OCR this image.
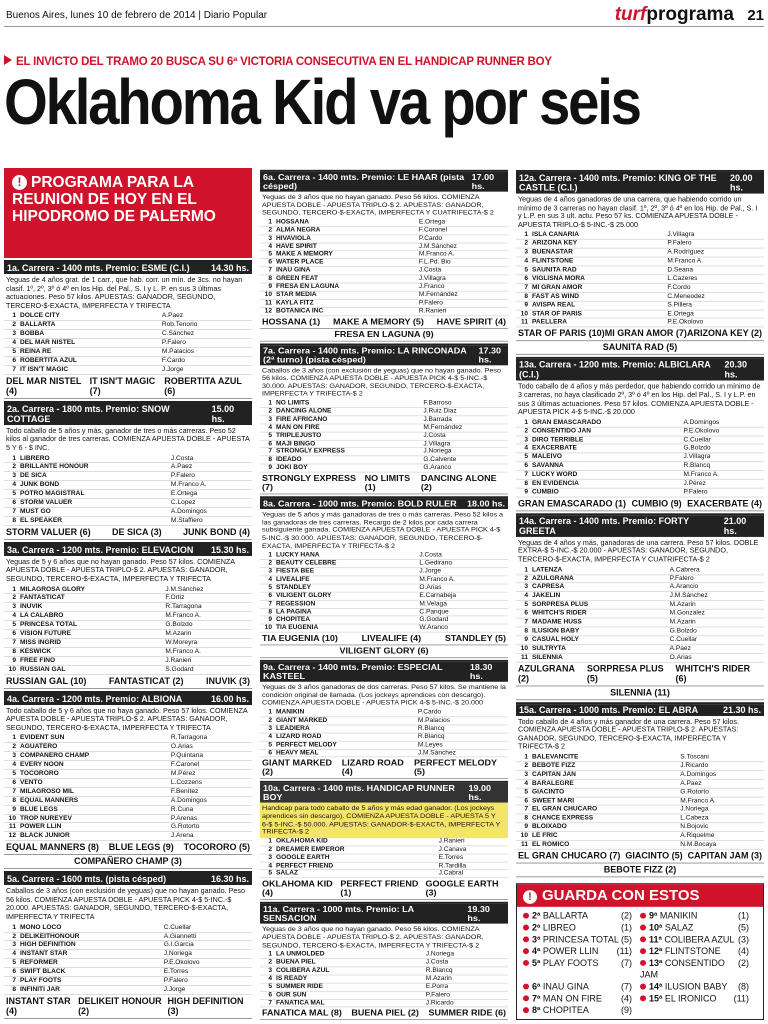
Buenos Aires, lunes 10 de febrero de 2014 | Diario Popular	turfprograma 21
EL INVICTO DEL TRAMO 20 BUSCA SU 6ª VICTORIA CONSECUTIVA EN EL HANDICAP RUNNER BOY
Oklahoma Kid va por seis
! PROGRAMA PARA LA REUNION DE HOY EN EL HIPODROMO DE PALERMO
1a. Carrera - 1400 mts. Premio: ESME (C.I.) 14.30 hs.
Yeguas de 4 años grat. de 1 carr., que hab. corr. un mín. de 3cs. no hayan clasif. 1º, 2º, 3º ó 4º en los Hip. del Pal., S. I y L. P. en sus 3 últimas actuaciones. Peso 57 kilos. APUESTAS: GANADOR, SEGUNDO, TERCERO-$-EXACTA, IMPERFECTA Y TRIFECTA
1	DOLCE CITY	A.Paez
2	BALLARTA	Rob.Tenorio
3	BOBBA	C.Sánchez
4	DEL MAR NISTEL	P.Falero
5	REINA RE	M.Palacios
6	ROBERTITA AZUL	F.Cardo
7	IT ISN'T MAGIC	J.Jorge
DEL MAR NISTEL (4)
IT ISN'T MAGIC (7)
ROBERTITA AZUL (6)
2a. Carrera - 1800 mts. Premio: SNOW COTTAGE
15.00 hs.
Todo caballo de 5 años y más, ganador de tres o más carreras. Peso 52 kilos al ganador de tres carreras. COMIENZA APUESTA DOBLE - APUESTA 5 Y 6 - $ INC.
1	LIBRERO	J.Costa
2	BRILLANTE HONOUR	A.Paez
3	DE SICA	P.Falero
4	JUNK BOND	M.Franco A.
5	POTRO MAGISTRAL	E.Ortega
6	STORM VALUER	C.Lopez
7	MUST GO	A.Domingos
8	EL SPEAKER	M.Staffiero
STORM VALUER (6) DE SICA (3) JUNK BOND (4)
3a. Carrera - 1200 mts. Premio: ELEVACION 15.30 hs.
Yeguas de 5 y 6 años que no hayan ganado. Peso 57 kilos. COMIENZA APUESTA DOBLE - APUESTA TRIPLO-$ 2. APUESTAS: GANADOR, SEGUNDO, TERCERO-$-EXACTA, IMPERFECTA Y TRIFECTA
1	MILAGROSA GLORY	J.M.Sánchez
2	FANTASTICAT	F.Ortiz
3	INUVIK	R.Tarragona
4	LA CALABRO	M.Franco A.
5	PRINCESA TOTAL	G.Bolzdo
6	VISION FUTURE	M.Azarin
7	MISS INGRID	W.Moreyra
8	KESWICK	M.Franco A.
9	FREE FINO	J.Ranieri
10	RUSSIAN GAL	S.Godard
RUSSIAN GAL (10) FANTASTICAT (2) INUVIK (3)
4a. Carrera - 1200 mts. Premio: ALBIONA	16.00 hs.
Todo caballo de 5 y 6 años que no haya ganado. Peso 57 kilos. COMIENZA APUESTA DOBLE - APUESTA TRIPLO-$ 2. APUESTAS: GANADOR, SEGUNDO, TERCERO-$-EXACTA, IMPERFECTA Y TRIFECTA
1	EVIDENT SUN	R.Tarragona
2	AGUATERO	O.Arias
3	COMPAÑERO CHAMP	P.Quintana
4	EVERY NOON	F.Caronel
5	TOCORORO	M.Pérez
6	VENTO	L.Cozzens
7	MILAGROSO MIL	F.Benítez
8	EQUAL MANNERS	A.Domingos
9	BLUE LEGS	R.Cuna
10	TROP NUREYEV	P.Arenas
11	POWER LLIN	G.Rotorto
12	BLACK JUNIOR	J.Arena
EQUAL MANNERS (8) BLUE LEGS (9) TOCORORO (5)
COMPAÑERO CHAMP (3)
5a. Carrera - 1600 mts. (pista césped)	16.30 hs.
Caballos de 3 años (con exclusión de yeguas) que no hayan ganado. Peso 56 kilos. COMIENZA APUESTA DOBLE - APUESTA PICK 4-$ 5-INC.-$ 20.000. APUESTAS: GANADOR, SEGUNDO, TERCERO-$-EXACTA, IMPERFECTA Y TRIFECTA
1	MONO LOCO	C.Cuellar
2	DELIKEITHONOUR	A.Giannetti
3	HIGH DEFINITION	G.I.Garcia
4	INSTANT STAR	J.Noriega
5	REFORMER	P.E.Okolovo
6	SWIFT BLACK	E.Torres
7	PLAY FOOTS	P.Falero
8	INFINITI JAR	J.Jorge
INSTANT STAR (4)
DELIKEIT HONOUR (2)
HIGH DEFINITION (3)
6a. Carrera - 1400 mts. Premio: LE HAAR (pista césped)
17.00 hs.
Yeguas de 3 años que no hayan ganado. Peso 56 kilos. COMIENZA APUESTA DOBLE - APUESTA TRIPLO-$ 2. APUESTAS: GANADOR, SEGUNDO, TERCERO-$-EXACTA, IMPERFECTA Y CUATRIFECTA-$ 2
1	HOSSANA	E.Ortega
2	ALMA NEGRA	F.Coronel
3	HIVAVIOLA	P.Cardo
4	HAVE SPIRIT	J.M.Sánchez
5	MAKE A MEMORY	M.Franco A.
6	WATER PLACE	F.L.Pd. Bio
7	INAU GINA	J.Costa
8	GREEN FEAT	J.Villagra
9	FRESA EN LAGUNA	J.Franco
10	STAR MEDIA	M.Fernández
11	KAYLA FITZ	P.Falero
12	BOTANICA INC	R.Ranieri
HOSSANA (1) MAKE A MEMORY (5) HAVE SPIRIT (4)
FRESA EN LAGUNA (9)
7a. Carrera - 1400 mts. Premio: LA RINCONADA (2ª turno) (pista césped)
17.30 hs.
Caballos de 3 años (con exclusión de yeguas) que no hayan ganado. Peso 56 kilos. COMIENZA APUESTA DOBLE - APUESTA PICK 4-$ 5-INC.-$ 30.000. APUESTAS: GANADOR, SEGUNDO, TERCERO-$-EXACTA, IMPERFECTA Y TRIFECTA-$ 2
1	NO LIMITS	F.Barroso
2	DANCING ALONE	J.Ruiz Diaz
3	FIRE AFRICANO	J.Barrada
4	MAN ON FIRE	M.Fernández
5	TRIPLEJUSTO	J.Costa
6	MAJI BINGO	J.Villagra
7	STRONGLY EXPRESS	J.Noriega
8	IDEADO	G.Calvente
9	JOKI BOY	G.Aranco
STRONGLY EXPRESS (7)
NO LIMITS (1)
DANCING ALONE (2)
8a. Carrera - 1000 mts. Premio: BOLD RULER 18.00 hs.
Yeguas de 5 años y más ganadoras de tres o más carreras. Peso 52 kilos a las ganadoras de tres carreras. Recargo de 2 kilos por cada carrera subsiguiente ganada. COMIENZA APUESTA DOBLE - APUESTA PICK 4-$ 5-INC.-$ 30.000. APUESTAS: GANADOR, SEGUNDO, TERCERO-$-EXACTA, IMPERFECTA Y TRIFECTA-$ 2
1	LUCKY HANA	J.Costa
2	BEAUTY CELEBRE	L.Gedirano
3	FIESTA BEE	J.Jorge
4	LIVEALIFE	M.Franco A.
5	STANDLEY	O.Arias
6	VILIGENT GLORY	E.Carnabeja
7	REGESSION	M.Velaga
8	LA PAGINA	C.Panque
9	CHOPITEA	G.Godard
10	TIA EUGENIA	W.Aranco
TIA EUGENIA (10)	LIVEALIFE (4)	STANDLEY (5)
VILIGENT GLORY (6)
9a. Carrera - 1400 mts. Premio: ESPECIAL KASTEEL
18.30 hs.
Yeguas de 3 años ganadoras de dos carreras. Peso 57 kilos. Se mantiene la condición original de llamada. (Los jockeys aprendices con descargo). COMIENZA APUESTA DOBLE - APUESTA PICK 4-$ 5-INC.-$ 20.000
1	MANIKIN	P.Cardo
2	GIANT MARKED	M.Palacios
3	LEADIERA	R.Blancq
4	LIZARD ROAD	R.Blancq
5	PERFECT MELODY	M.Leyes
6	HEAVY MEAL	J.M.Sánchez
GIANT MARKED (2)
LIZARD ROAD (4)
PERFECT MELODY (5)
10a. Carrera - 1400 mts. HANDICAP RUNNER BOY
19.00 hs.
Handicap para todo caballo de 5 años y más edad ganador. (Los jockeys aprendices sin descargo). COMIENZA APUESTA DOBLE - APUESTA 5 Y 6-$ 5-INC.-$ 50.000. APUESTAS: GANADOR-$-EXACTA, IMPERFECTA Y TRIFECTA-$ 2
1	OKLAHOMA KID	J.Ranieri
2	DREAMER EMPEROR	J.Canava
3	GOOGLE EARTH	E.Torres
4	PERFECT FRIEND	R.Tardilla
5	SALAZ	J.Cabral
OKLAHOMA KID (4)
PERFECT FRIEND (1)
GOOGLE EARTH (3)
11a. Carrera - 1000 mts. Premio: LA SENSACION
19.30 hs.
Yeguas de 3 años que no hayan ganado. Peso 56 kilos. COMIENZA APUESTA DOBLE - APUESTA TRIPLO-$ 2. APUESTAS: GANADOR, SEGUNDO, TERCERO-$-EXACTA, IMPERFECTA Y TRIFECTA-$ 2
1	LA UNMOLDED	J.Noriega
2	BUENA PIEL	J.Costa
3	COLIBERA AZUL	R.Blancq
4	IS READY	M.Azarin
5	SUMMER RIDE	E.Porra
6	OUR SUN	P.Falero
7	FANATICA MAL	J.Ricardo
FANATICA MAL (8) BUENA PIEL (2) SUMMER RIDE (6)
12a. Carrera - 1400 mts. Premio: KING OF THE CASTLE (C.I.)
20.00 hs.
Yeguas de 4 años ganadoras de una carrera, que habiendo corrido un mínimo de 3 carreras no hayan clasif. 1º, 2º, 3º ó 4º en los Hip. de Pal., S. I y L.P. en sus 3 ult. actu. Peso 57 ks. COMIENZA APUESTA DOBLE - APUESTA TRIPLO-$ 5-INC.-$ 25.000
1	ISLA CANARIA	J.Villagra
2	ARIZONA KEY	P.Falero
3	BUENASTAR	A.Rodríguez
4	FLINTSTONE	M.Franco A.
5	SAUNITA RAD	D.Seana
6	VIGLISNA MORA	L.Cazeres
7	MI GRAN AMOR	F.Cordo
8	FAST AS WIND	C.Meneodez
9	AVISPA REAL	S.Pillera
10	STAR OF PARIS	E.Ortega
11	PAELLERA	P.E.Okolovo
STAR OF PARIS (10) MI GRAN AMOR (7) ARIZONA KEY (2)
SAUNITA RAD (5)
13a. Carrera - 1200 mts. Premio: ALBICLARA (C.I.)
20.30 hs.
Todo caballo de 4 años y más perdedor, que habiendo corrido un mínimo de 3 carreras, no haya clasificado 2º, 3º ó 4º en los Hip. del Pal., S. I y L.P. en sus 3 últimas actuaciones. Peso 57 kilos. COMIENZA APUESTA DOBLE - APUESTA PICK 4-$ 5-INC.-$ 20.000
1	GRAN EMASCARADO	A.Domingos
2	CONSENTIDO JAN	P.E.Okolovo
3	DIRO TERRIBLE	C.Cuellar
4	EXACERBATE	G.Bolzdo
5	MALEIVO	J.Villagra
6	SAVANNA	R.Blancq
7	LUCKY WORD	M.Franco A.
8	EN EVIDENCIA	J.Pérez
9	CUMBIO	P.Falero
GRAN EMASCARADO (1) CUMBIO (9) EXACERBATE (4)
14a. Carrera - 1400 mts. Premio: FORTY GREETA
21.00 hs.
Yeguas de 4 años y más, ganadoras de una carrera. Peso 57 kilos. DOBLE EXTRA-$ 5-INC.-$ 20.000 - APUESTAS: GANADOR, SEGUNDO, TERCERO-$-EXACTA, IMPERFECTA Y CUATRIFECTA-$ 2
1	LATENZA	A.Cabrera
2	AZULGRANA	P.Falero
3	CAPRESA	A.Arancio
4	JAKELIN	J.M.Sánchez
5	SORPRESA PLUS	M.Azarin
6	WHITCH'S RIDER	M.Gonzalez
7	MADAME HUSS	M.Azarin
8	ILUSION BABY	G.Bolzdo
9	CASUAL HOLY	C.Cuellar
10	SULTRYTA	A.Paez
11	SILENNIA	O.Arias
AZULGRANA (2)
SORPRESA PLUS (5)
WHITCH'S RIDER (6)
SILENNIA (11)
15a. Carrera - 1000 mts. Premio: EL ABRA	21.30 hs.
Todo caballo de 4 años y más ganador de una carrera. Peso 57 kilos. COMIENZA APUESTA DOBLE - APUESTA TRIPLO-$ 2. APUESTAS: GANADOR, SEGUNDO, TERCERO-$-EXACTA, IMPERFECTA Y TRIFECTA-$ 2
1	BALEVANCITE	S.Toscani
2	BEBOTE FIZZ	J.Ricardo
3	CAPITAN JAN	A.Domingos
4	BARALEGRE	A.Paez
5	GIACINTO	G.Rotorto
6	SWEET MARI	M.Franco A.
7	EL GRAN CHUCARO	J.Noriega
8	CHANCE EXPRESS	L.Cabeza
9	BLOIXADO	N.Bojovic
10	LE FRIC	A.Riquelme
11	EL ROMICO	N.M.Bocaya
EL GRAN CHUCARO (7) GIACINTO (5) CAPITAN JAM (3)
BEBOTE FIZZ (2)
! GUARDA CON ESTOS
2ª BALLARTA	(2)	9ª MANIKIN	(1)
2ª LIBREO	(1)	10ª SALAZ	(5)
3ª PRINCESA TOTAL (5)	11ª COLIBERA AZUL (3)
4ª POWER LLIN (11)	12ª FLINTSTONE (4)
5ª PLAY FOOTS (7)	13ª CONSENTIDO JAM
(2)
6ª INAU GINA	(7)	14ª ILUSION BABY (8)
7ª MAN ON FIRE (4)	15ª EL IRONICO (11)
8ª CHOPITEA	(9)
